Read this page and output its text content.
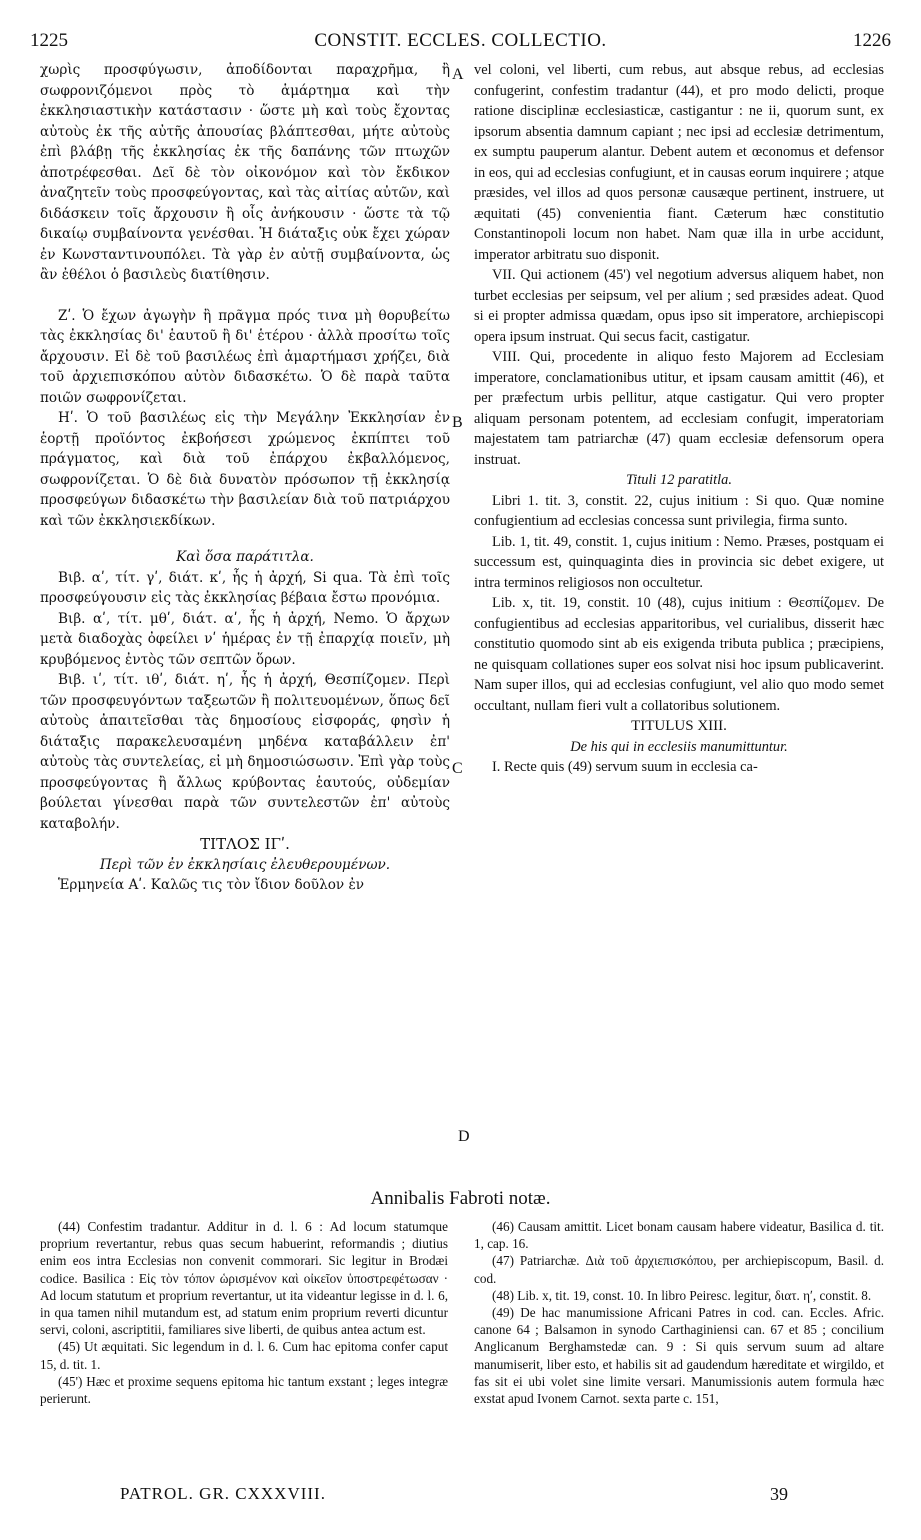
1225	CONSTIT. ECCLES. COLLECTIO.	1226
A
B
C
D

χωρὶς προσφύγωσιν, ἀποδίδονται παραχρῆμα, ἢ σωφρονιζόμενοι πρὸς τὸ ἁμάρτημα καὶ τὴν ἐκκλησιαστικὴν κατάστασιν · ὥστε μὴ καὶ τοὺς ἔχοντας αὐτοὺς ἐκ τῆς αὐτῆς ἀπουσίας βλάπτεσθαι, μήτε αὐτοὺς ἐπὶ βλάβῃ τῆς ἐκκλησίας ἐκ τῆς δαπάνης τῶν πτωχῶν ἀποτρέφεσθαι. Δεῖ δὲ τὸν οἰκονόμον καὶ τὸν ἔκδικον ἀναζητεῖν τοὺς προσφεύγοντας, καὶ τὰς αἰτίας αὐτῶν, καὶ διδάσκειν τοῖς ἄρχουσιν ἢ οἷς ἀνήκουσιν · ὥστε τὰ τῷ δικαίῳ συμβαίνοντα γενέσθαι. Ἡ διάταξις οὐκ ἔχει χώραν ἐν Κωνσταντινουπόλει. Τὰ γὰρ ἐν αὐτῇ συμβαίνοντα, ὡς ἂν ἐθέλοι ὁ βασιλεὺς διατίθησιν.

Ζʹ. Ὁ ἔχων ἀγωγὴν ἢ πρᾶγμα πρός τινα μὴ θορυβείτω τὰς ἐκκλησίας δι' ἑαυτοῦ ἢ δι' ἑτέρου · ἀλλὰ προσίτω τοῖς ἄρχουσιν. Εἰ δὲ τοῦ βασιλέως ἐπὶ ἁμαρτήμασι χρήζει, διὰ τοῦ ἀρχιεπισκόπου αὐτὸν διδασκέτω. Ὁ δὲ παρὰ ταῦτα ποιῶν σωφρονίζεται.

Ηʹ. Ὁ τοῦ βασιλέως εἰς τὴν Μεγάλην Ἐκκλησίαν ἐν ἑορτῇ προϊόντος ἐκβοήσεσι χρώμενος ἐκπίπτει τοῦ πράγματος, καὶ διὰ τοῦ ἐπάρχου ἐκβαλλόμενος, σωφρονίζεται. Ὁ δὲ διὰ δυνατὸν πρόσωπον τῇ ἐκκλησίᾳ προσφεύγων διδασκέτω τὴν βασιλείαν διὰ τοῦ πατριάρχου καὶ τῶν ἐκκλησιεκδίκων.

Καὶ ὅσα παράτιτλα.

Βιβ. αʹ, τίτ. γʹ, διάτ. κʹ, ἧς ἡ ἀρχή, Si qua. Τὰ ἐπὶ τοῖς προσφεύγουσιν εἰς τὰς ἐκκλησίας βέβαια ἔστω προνόμια.

Βιβ. αʹ, τίτ. μθʹ, διάτ. αʹ, ἧς ἡ ἀρχή, Nemo. Ὁ ἄρχων μετὰ διαδοχὰς ὀφείλει νʹ ἡμέρας ἐν τῇ ἐπαρχίᾳ ποιεῖν, μὴ κρυβόμενος ἐντὸς τῶν σεπτῶν ὅρων.

Βιβ. ιʹ, τίτ. ιθʹ, διάτ. ηʹ, ἧς ἡ ἀρχή, Θεσπίζομεν. Περὶ τῶν προσφευγόντων ταξεωτῶν ἢ πολιτευομένων, ὅπως δεῖ αὐτοὺς ἀπαιτεῖσθαι τὰς δημοσίους εἰσφοράς, φησὶν ἡ διάταξις παρακελευσαμένη μηδένα καταβάλλειν ἐπ' αὐτοὺς τὰς συντελείας, εἰ μὴ δημοσιώσωσιν. Ἐπὶ γὰρ τοὺς προσφεύγοντας ἢ ἄλλως κρύβοντας ἑαυτούς, οὐδεμίαν βούλεται γίνεσθαι παρὰ τῶν συντελεστῶν ἐπ' αὐτοὺς καταβολήν.

ΤΙΤΛΟΣ ΙΓʹ.

Περὶ τῶν ἐν ἐκκλησίαις ἐλευθερουμένων.

Ἑρμηνεία Αʹ. Καλῶς τις τὸν ἴδιον δοῦλον ἐν

vel coloni, vel liberti, cum rebus, aut absque rebus, ad ecclesias confugerint, confestim tradantur (44), et pro modo delicti, proque ratione disciplinæ ecclesiasticæ, castigantur : ne ii, quorum sunt, ex ipsorum absentia damnum capiant ; nec ipsi ad ecclesiæ detrimentum, ex sumptu pauperum alantur. Debent autem et œconomus et defensor in eos, qui ad ecclesias confugiunt, et in causas eorum inquirere ; atque præsides, vel illos ad quos personæ causæque pertinent, instruere, ut æquitati (45) convenientia fiant. Cæterum hæc constitutio Constantinopoli locum non habet. Nam quæ illa in urbe accidunt, imperator arbitratu suo disponit.

VII. Qui actionem (45') vel negotium adversus aliquem habet, non turbet ecclesias per seipsum, vel per alium ; sed præsides adeat. Quod si ei propter admissa quædam, opus ipso sit imperatore, archiepiscopi opera ipsum instruat. Qui secus facit, castigatur.

VIII. Qui, procedente in aliquo festo Majorem ad Ecclesiam imperatore, conclamationibus utitur, et ipsam causam amittit (46), et per præfectum urbis pellitur, atque castigatur. Qui vero propter aliquam personam potentem, ad ecclesiam confugit, imperatoriam majestatem tam patriarchæ (47) quam ecclesiæ defensorum opera instruat.

Tituli 12 paratitla.

Libri 1. tit. 3, constit. 22, cujus initium : Si quo. Quæ nomine confugientium ad ecclesias concessa sunt privilegia, firma sunto.

Lib. 1, tit. 49, constit. 1, cujus initium : Nemo. Præses, postquam ei successum est, quinquaginta dies in provincia sic debet exigere, ut intra terminos religiosos non occultetur.

Lib. x, tit. 19, constit. 10 (48), cujus initium : Θεσπίζομεν. De confugientibus ad ecclesias apparitoribus, vel curialibus, disserit hæc constitutio quomodo sint ab eis exigenda tributa publica ; præcipiens, ne quisquam collationes super eos solvat nisi hoc ipsum publicaverint. Nam super illos, qui ad ecclesias confugiunt, vel alio quo modo semet occultant, nullam fieri vult a collatoribus solutionem.

TITULUS XIII.

De his qui in ecclesiis manumittuntur.

I. Recte quis (49) servum suum in ecclesia ca-

Annibalis Fabroti notæ.

(44) Confestim tradantur. Additur in d. l. 6 : Ad locum statumque proprium revertantur, rebus quas secum habuerint, reformandis ; diutius enim eos intra Ecclesias non convenit commorari. Sic legitur in Brodæi codice. Basilica : Εἰς τὸν τόπον ὡρισμένον καὶ οἰκεῖον ὑποστρεφέτωσαν · Ad locum statutum et proprium revertantur, ut ita videantur legisse in d. l. 6, in qua tamen nihil mutandum est, ad statum enim proprium reverti dicuntur servi, coloni, ascriptitii, familiares sive liberti, de quibus antea actum est.

(45) Ut æquitati. Sic legendum in d. l. 6. Cum hac epitoma confer caput 15, d. tit. 1.

(45') Hæc et proxime sequens epitoma hic tantum exstant ; leges integræ perierunt.

(46) Causam amittit. Licet bonam causam habere videatur, Basilica d. tit. 1, cap. 16.

(47) Patriarchæ. Διὰ τοῦ ἀρχιεπισκόπου, per archiepiscopum, Basil. d. cod.

(48) Lib. x, tit. 19, const. 10. In libro Peiresc. legitur, διατ. ηʹ, constit. 8.

(49) De hac manumissione Africani Patres in cod. can. Eccles. Afric. canone 64 ; Balsamon in synodo Carthaginiensi can. 67 et 85 ; concilium Anglicanum Berghamstedæ can. 9 : Si quis servum suum ad altare manumiserit, liber esto, et habilis sit ad gaudendum hæreditate et wirgildo, et fas sit ei ubi volet sine limite versari. Manumissionis autem formula hæc exstat apud Ivonem Carnot. sexta parte c. 151,

PATROL. GR. CXXXVIII.	39
